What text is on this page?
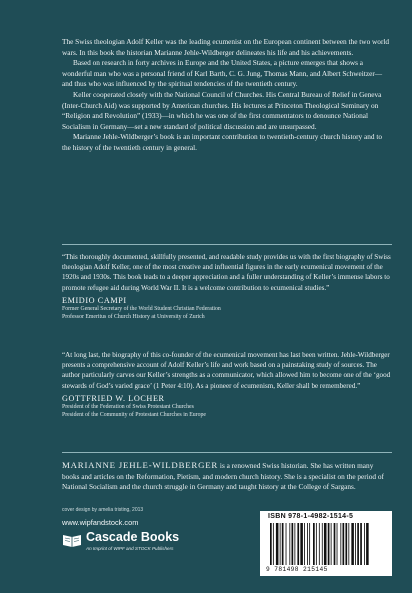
The Swiss theologian Adolf Keller was the leading ecumenist on the European continent between the two world wars. In this book the historian Marianne Jehle-Wildberger delineates his life and his achievements.

Based on research in forty archives in Europe and the United States, a picture emerges that shows a wonderful man who was a personal friend of Karl Barth, C. G. Jung, Thomas Mann, and Albert Schweitzer—and thus who was influenced by the spiritual tendencies of the twentieth century.

Keller cooperated closely with the National Council of Churches. His Central Bureau of Relief in Geneva (Inter-Church Aid) was supported by American churches. His lectures at Princeton Theological Seminary on “Religion and Revolution” (1933)—in which he was one of the first commentators to denounce National Socialism in Germany—set a new standard of political discussion and are unsurpassed.

Marianne Jehle-Wildberger’s book is an important contribution to twentieth-century church history and to the history of the twentieth century in general.

“This thoroughly documented, skillfully presented, and readable study provides us with the first biography of Swiss theologian Adolf Keller, one of the most creative and influential figures in the early ecumenical movement of the 1920s and 1930s. This book leads to a deeper appreciation and a fuller understanding of Keller’s immense labors to promote refugee aid during World War II. It is a welcome contribution to ecumenical studies.”

EMIDIO CAMPI
Former General Secretary of the World Student Christian Federation
Professor Emeritus of Church History at University of Zurich

“At long last, the biography of this co-founder of the ecumenical movement has last been written. Jehle-Wildberger presents a comprehensive account of Adolf Keller’s life and work based on a painstaking study of sources. The author particularly carves our Keller’s strengths as a communicator, which allowed him to become one of the ‘good stewards of God’s varied grace’ (1 Peter 4:10). As a pioneer of ecumenism, Keller shall be remembered.”

GOTTFRIED W. LOCHER
President of the Federation of Swiss Protestant Churches
President of the Community of Protestant Churches in Europe
MARIANNE JEHLE-WILDBERGER is a renowned Swiss historian. She has written many books and articles on the Reformation, Pietism, and modern church history. She is a specialist on the period of National Socialism and the church struggle in Germany and taught history at the College of Sargans.
cover design by amelia tristing, 2013
www.wipfandstock.com
Cascade Books
An Imprint of WIPF and STOCK Publishers
ISBN 978-1-4982-1514-5
9 781498 215145
